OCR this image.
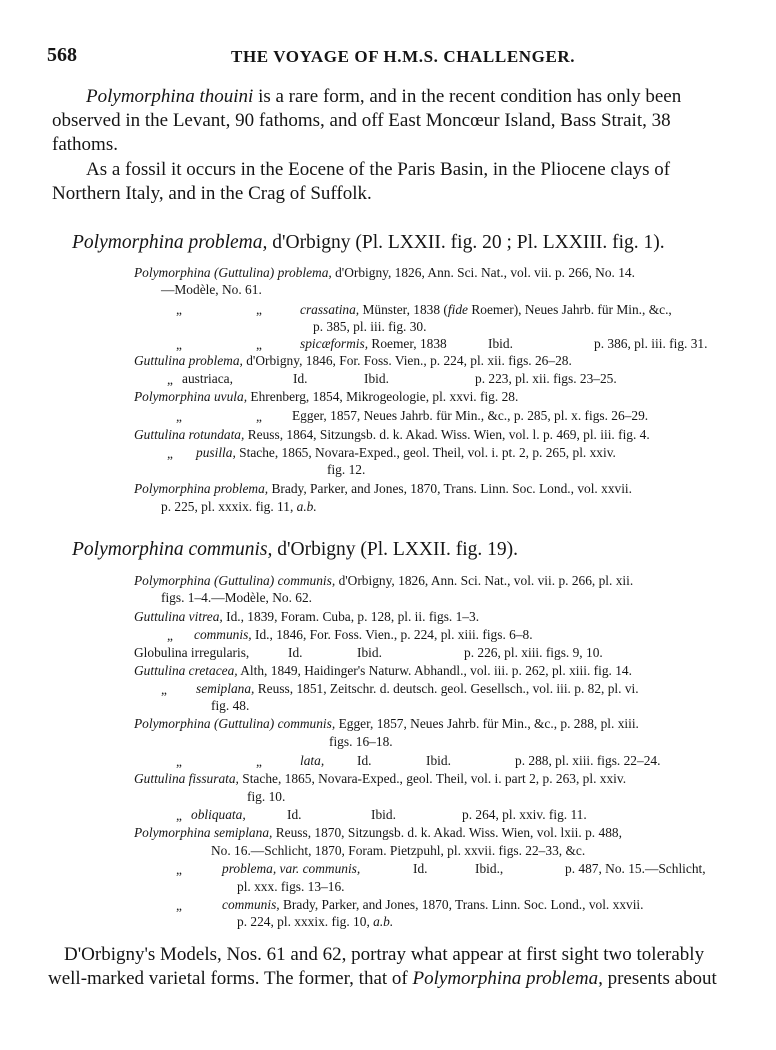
568	THE VOYAGE OF H.M.S. CHALLENGER.
Polymorphina thouini is a rare form, and in the recent condition has only been
observed in the Levant, 90 fathoms, and off East Moncœur Island, Bass Strait, 38
fathoms.
As a fossil it occurs in the Eocene of the Paris Basin, in the Pliocene clays of
Northern Italy, and in the Crag of Suffolk.
Polymorphina problema, d'Orbigny (Pl. LXXII. fig. 20 ; Pl. LXXIII. fig. 1).
Polymorphina (Guttulina) problema, d'Orbigny, 1826, Ann. Sci. Nat., vol. vii. p. 266, No. 14.
—Modèle, No. 61.
„	„	crassatina, Münster, 1838 (fide Roemer), Neues Jahrb. für Min., &c.,
p. 385, pl. iii. fig. 30.
„	„	spicæformis, Roemer, 1838	Ibid.	p. 386, pl. iii. fig. 31.
Guttulina problema, d'Orbigny, 1846, For. Foss. Vien., p. 224, pl. xii. figs. 26–28.
„ austriaca,	Id.	Ibid.	p. 223, pl. xii. figs. 23–25.
Polymorphina uvula, Ehrenberg, 1854, Mikrogeologie, pl. xxvi. fig. 28.
„	„ Egger, 1857, Neues Jahrb. für Min., &c., p. 285, pl. x. figs. 26–29.
Guttulina rotundata, Reuss, 1864, Sitzungsb. d. k. Akad. Wiss. Wien, vol. l. p. 469, pl. iii. fig. 4.
„ pusilla, Stache, 1865, Novara-Exped., geol. Theil, vol. i. pt. 2, p. 265, pl. xxiv.
fig. 12.
Polymorphina problema, Brady, Parker, and Jones, 1870, Trans. Linn. Soc. Lond., vol. xxvii.
p. 225, pl. xxxix. fig. 11, a.b.
Polymorphina communis, d'Orbigny (Pl. LXXII. fig. 19).
Polymorphina (Guttulina) communis, d'Orbigny, 1826, Ann. Sci. Nat., vol. vii. p. 266, pl. xii.
figs. 1–4.—Modèle, No. 62.
Guttulina vitrea, Id., 1839, Foram. Cuba, p. 128, pl. ii. figs. 1–3.
„ communis, Id., 1846, For. Foss. Vien., p. 224, pl. xiii. figs. 6–8.
Globulina irregularis,	Id.	Ibid.	p. 226, pl. xiii. figs. 9, 10.
Guttulina cretacea, Alth, 1849, Haidinger's Naturw. Abhandl., vol. iii. p. 262, pl. xiii. fig. 14.
„ semiplana, Reuss, 1851, Zeitschr. d. deutsch. geol. Gesellsch., vol. iii. p. 82, pl. vi.
fig. 48.
Polymorphina (Guttulina) communis, Egger, 1857, Neues Jahrb. für Min., &c., p. 288, pl. xiii.
figs. 16–18.
„	„	lata, Id.	Ibid.	p. 288, pl. xiii. figs. 22–24.
Guttulina fissurata, Stache, 1865, Novara-Exped., geol. Theil, vol. i. part 2, p. 263, pl. xxiv.
fig. 10.
„ obliquata,	Id.	Ibid.	p. 264, pl. xxiv. fig. 11.
Polymorphina semiplana, Reuss, 1870, Sitzungsb. d. k. Akad. Wiss. Wien, vol. lxii. p. 488,
No. 16.—Schlicht, 1870, Foram. Pietzpuhl, pl. xxvii. figs. 22–33, &c.
„	problema, var. communis,	Id.	Ibid.,	p. 487, No. 15.—Schlicht,
pl. xxx. figs. 13–16.
„	communis, Brady, Parker, and Jones, 1870, Trans. Linn. Soc. Lond., vol. xxvii.
p. 224, pl. xxxix. fig. 10, a.b.
D'Orbigny's Models, Nos. 61 and 62, portray what appear at first sight two tolerably
well-marked varietal forms. The former, that of Polymorphina problema, presents about
